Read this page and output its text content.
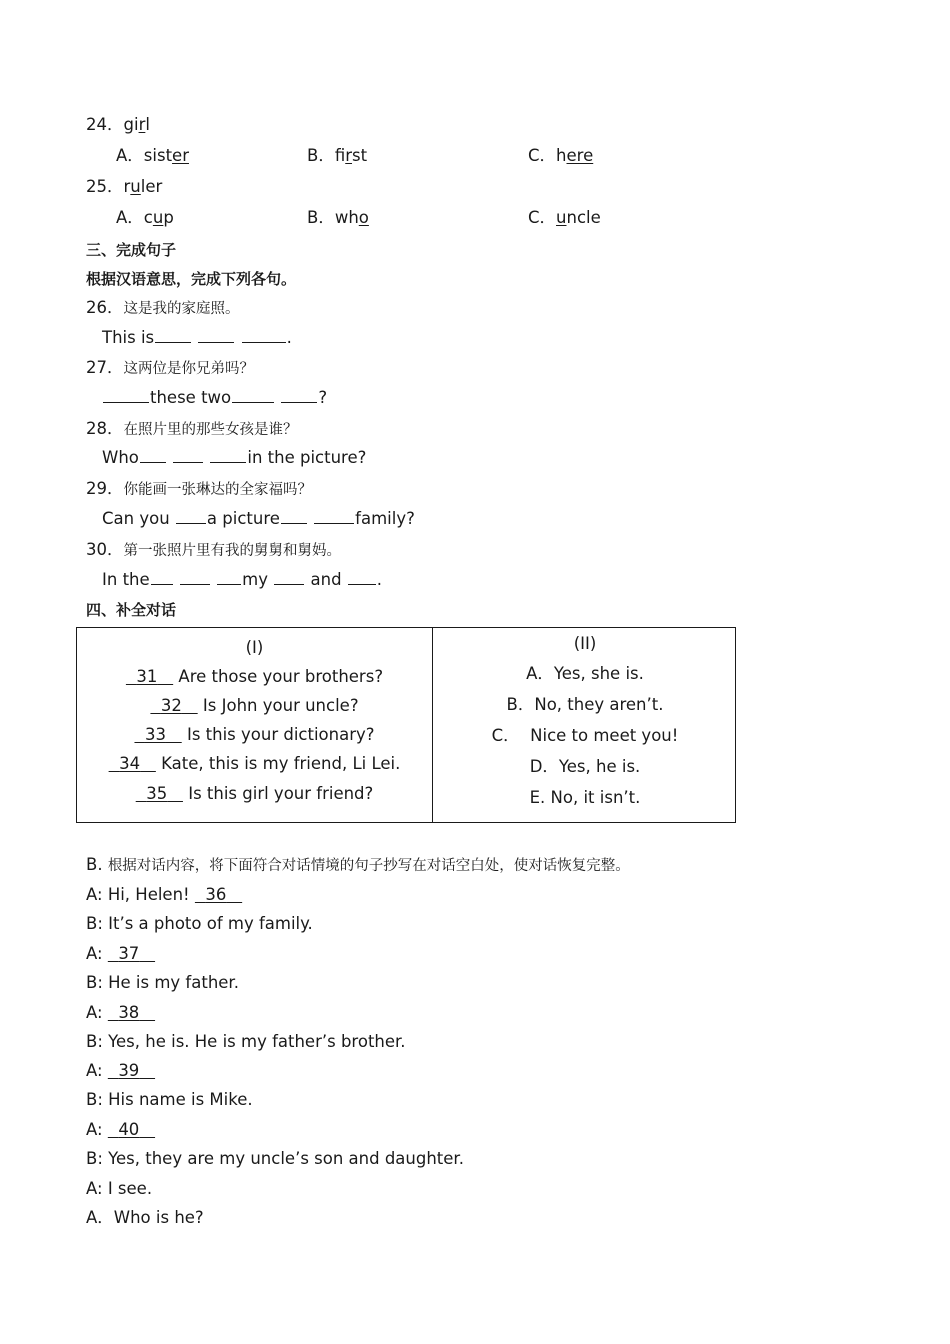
24．girl
A．sister	B．first	C．here
25．ruler
A．cup	B．who	C．uncle
三、完成句子
根据汉语意思，完成下列各句。
26．这是我的家庭照。
This is	.
27．这两位是你兄弟吗？
these two	?
28．在照片里的那些女孩是谁？
Who	in the picture?
29．你能画一张琳达的全家福吗？
Can you a picture	family?
30．第一张照片里有我的舅舅和舅妈。
In the	my  and .
四、补全对话
(I)
31    Are those your brothers?
32    Is John your uncle?
33    Is this your dictionary?
34    Kate, this is my friend, Li Lei.
35    Is this girl your friend?
(II)
A．Yes, she is.
B．No, they aren’t.
C．  Nice to meet you!
D．Yes, he is.
E. No, it isn’t.
B. 根据对话内容，将下面符合对话情境的句子抄写在对话空白处，使对话恢复完整。
A: Hi, Helen!   36
B: It’s a photo of my family.
A:   37
B: He is my father.
A:   38
B: Yes, he is. He is my father’s brother.
A:   39
B: His name is Mike.
A:   40
B: Yes, they are my uncle’s son and daughter.
A: I see.
A．Who is he?
